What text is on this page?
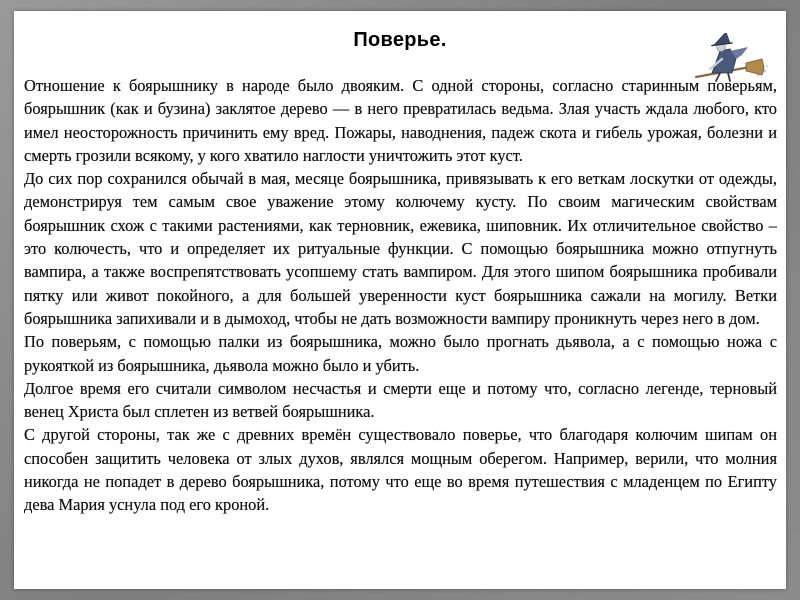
Поверье.

Отношение к боярышнику в народе было двояким. С одной стороны, согласно старинным поверьям, боярышник (как и бузина) заклятое дерево — в него превратилась ведьма. Злая участь ждала любого, кто имел неосторожность причинить ему вред. Пожары, наводнения, падеж скота и гибель урожая, болезни и смерть грозили всякому, у кого хватило наглости уничтожить этот куст.

До сих пор сохранился обычай в мая, месяце боярышника, привязывать к его веткам лоскутки от одежды, демонстрируя тем самым свое уважение этому колючему кусту. По своим магическим свойствам боярышник схож с такими растениями, как терновник, ежевика, шиповник. Их отличительное свойство – это колючесть, что и определяет их ритуальные функции. С помощью боярышника можно отпугнуть вампира, а также воспрепятствовать усопшему стать вампиром. Для этого шипом боярышника пробивали пятку или живот покойного, а для большей уверенности куст боярышника сажали на могилу. Ветки боярышника запихивали и в дымоход, чтобы не дать возможности вампиру проникнуть через него в дом.

По поверьям, с помощью палки из боярышника, можно было прогнать дьявола, а с помощью ножа с рукояткой из боярышника, дьявола можно было и убить.

Долгое время его считали символом несчастья и смерти еще и потому что, согласно легенде, терновый венец Христа был сплетен из ветвей боярышника.

С другой стороны, так же с древних времён существовало поверье, что благодаря колючим шипам он способен защитить человека от злых духов, являлся мощным оберегом. Например, верили, что молния никогда не попадет в дерево боярышника, потому что еще во время путешествия с младенцем по Египту дева Мария уснула под его кроной.
